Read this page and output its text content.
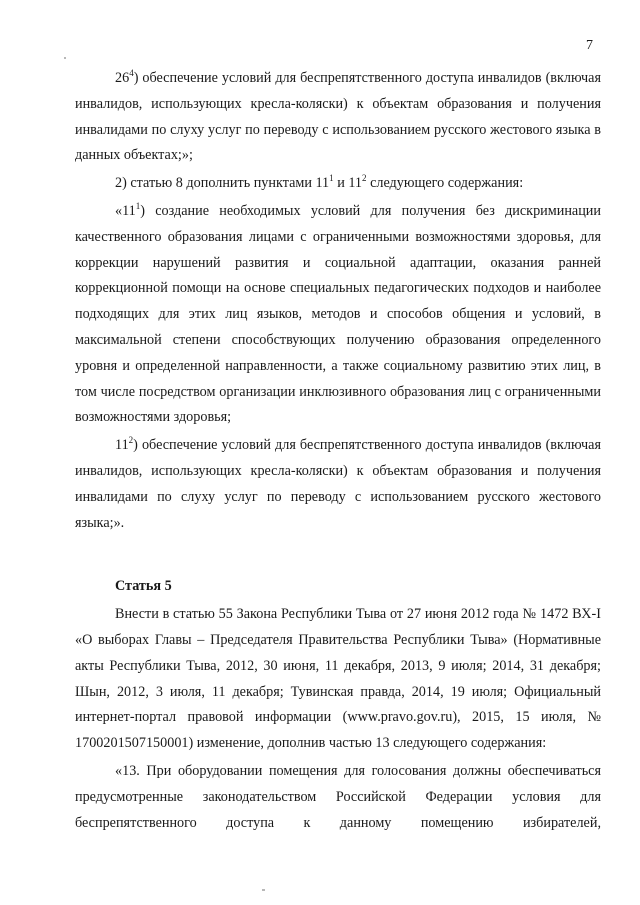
7

$26^4$) обеспечение условий для беспрепятственного доступа инвалидов (включая инвалидов, использующих кресла-коляски) к объектам образования и получения инвалидами по слуху услуг по переводу с использованием русского жестового языка в данных объектах;»;

2) статью 8 дополнить пунктами $11^1$ и $11^2$ следующего содержания:

«$11^1$) создание необходимых условий для получения без дискриминации качественного образования лицами с ограниченными возможностями здоровья, для коррекции нарушений развития и социальной адаптации, оказания ранней коррекционной помощи на основе специальных педагогических подходов и наиболее подходящих для этих лиц языков, методов и способов общения и условий, в максимальной степени способствующих получению образования определенного уровня и определенной направленности, а также социальному развитию этих лиц, в том числе посредством организации инклюзивного образования лиц с ограниченными возможностями здоровья;

$11^2$) обеспечение условий для беспрепятственного доступа инвалидов (включая инвалидов, использующих кресла-коляски) к объектам образования и получения инвалидами по слуху услуг по переводу с использованием русского жестового языка;».

Статья 5

Внести в статью 55 Закона Республики Тыва от 27 июня 2012 года № 1472 ВХ-I «О выборах Главы – Председателя Правительства Республики Тыва» (Нормативные акты Республики Тыва, 2012, 30 июня, 11 декабря, 2013, 9 июля; 2014, 31 декабря; Шын, 2012, 3 июля, 11 декабря; Тувинская правда, 2014, 19 июля; Официальный интернет-портал правовой информации (www.pravo.gov.ru), 2015, 15 июля, № 1700201507150001) изменение, дополнив частью 13 следующего содержания:

«13. При оборудовании помещения для голосования должны обеспечиваться предусмотренные законодательством Российской Федерации условия для беспрепятственного доступа к данному помещению избирателей,
